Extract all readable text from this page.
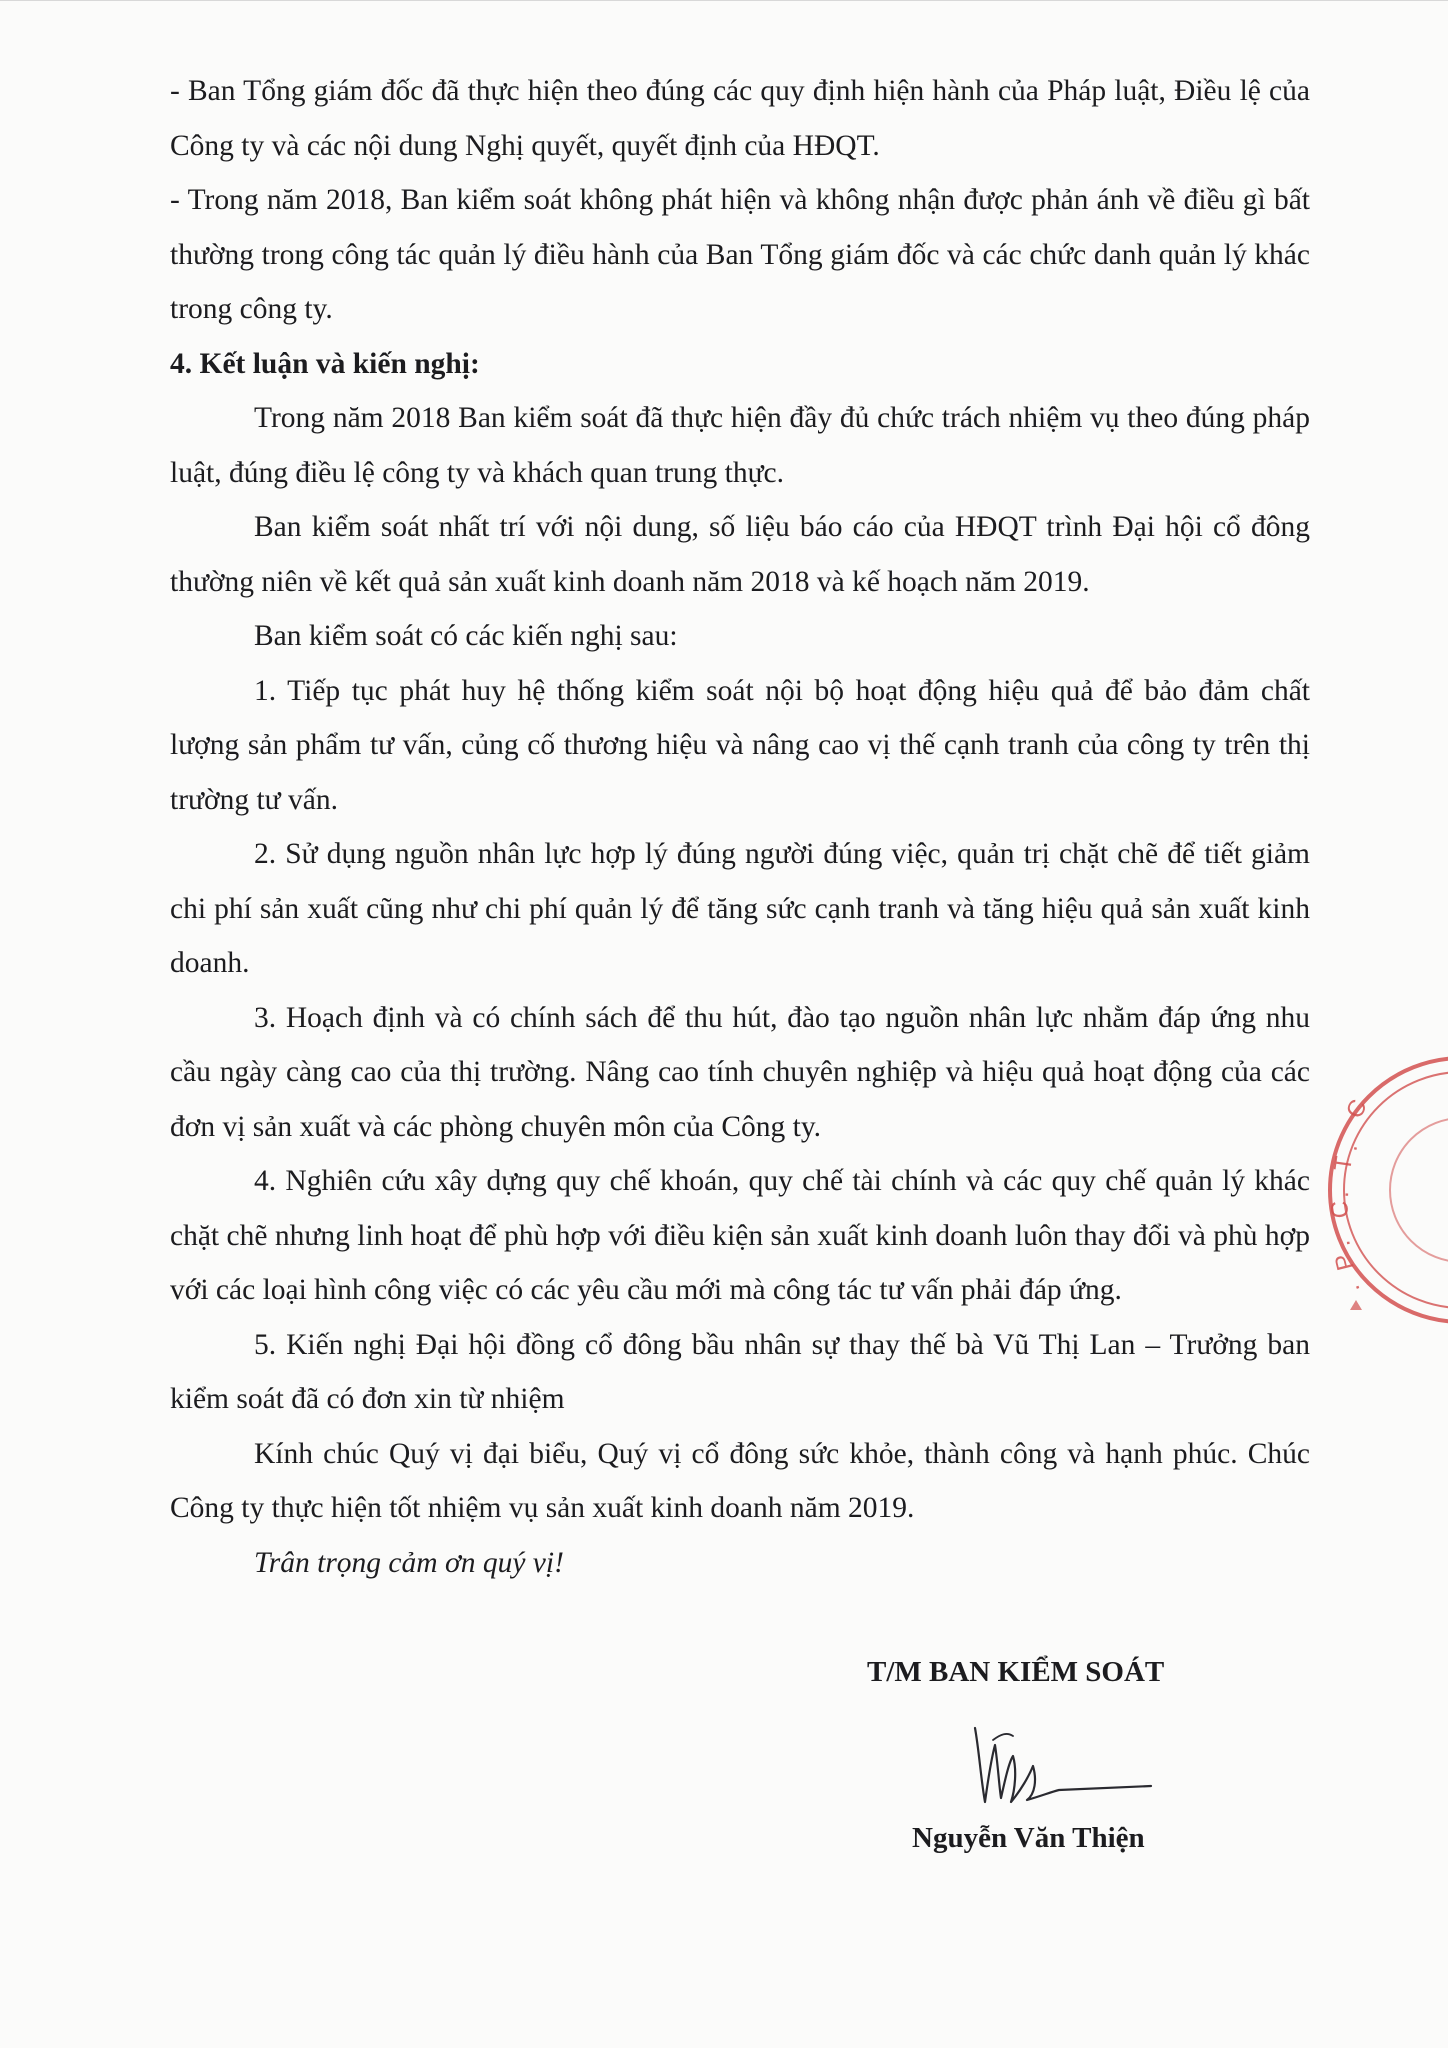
- Ban Tổng giám đốc đã thực hiện theo đúng các quy định hiện hành của Pháp luật, Điều lệ của Công ty và các nội dung Nghị quyết, quyết định của HĐQT.

- Trong năm 2018, Ban kiểm soát không phát hiện và không nhận được phản ánh về điều gì bất thường trong công tác quản lý điều hành của Ban Tổng giám đốc và các chức danh quản lý khác trong công ty.

4. Kết luận và kiến nghị:

Trong năm 2018 Ban kiểm soát đã thực hiện đầy đủ chức trách nhiệm vụ theo đúng pháp luật, đúng điều lệ công ty và khách quan trung thực.

Ban kiểm soát nhất trí với nội dung, số liệu báo cáo của HĐQT trình Đại hội cổ đông thường niên về kết quả sản xuất kinh doanh năm 2018 và kế hoạch năm 2019.

Ban kiểm soát có các kiến nghị sau:

1. Tiếp tục phát huy hệ thống kiểm soát nội bộ hoạt động hiệu quả để bảo đảm chất lượng sản phẩm tư vấn, củng cố thương hiệu và nâng cao vị thế cạnh tranh của công ty trên thị trường tư vấn.

2. Sử dụng nguồn nhân lực hợp lý đúng người đúng việc, quản trị chặt chẽ để tiết giảm chi phí sản xuất cũng như chi phí quản lý để tăng sức cạnh tranh và tăng hiệu quả sản xuất kinh doanh.

3. Hoạch định và có chính sách để thu hút, đào tạo nguồn nhân lực nhằm đáp ứng nhu cầu ngày càng cao của thị trường. Nâng cao tính chuyên nghiệp và hiệu quả hoạt động của các đơn vị sản xuất và các phòng chuyên môn của Công ty.

4. Nghiên cứu xây dựng quy chế khoán, quy chế tài chính và các quy chế quản lý khác chặt chẽ nhưng linh hoạt để phù hợp với điều kiện sản xuất kinh doanh luôn thay đổi và phù hợp với các loại hình công việc có các yêu cầu mới mà công tác tư vấn phải đáp ứng.

5. Kiến nghị Đại hội đồng cổ đông bầu nhân sự thay thế bà Vũ Thị Lan – Trưởng ban kiểm soát đã có đơn xin từ nhiệm

Kính chúc Quý vị đại biểu, Quý vị cổ đông sức khỏe, thành công và hạnh phúc. Chúc Công ty thực hiện tốt nhiệm vụ sản xuất kinh doanh năm 2019.

Trân trọng cảm ơn quý vị!

T/M BAN KIỂM SOÁT
Nguyễn Văn Thiện
C
.
T
.
C
.
P
.
